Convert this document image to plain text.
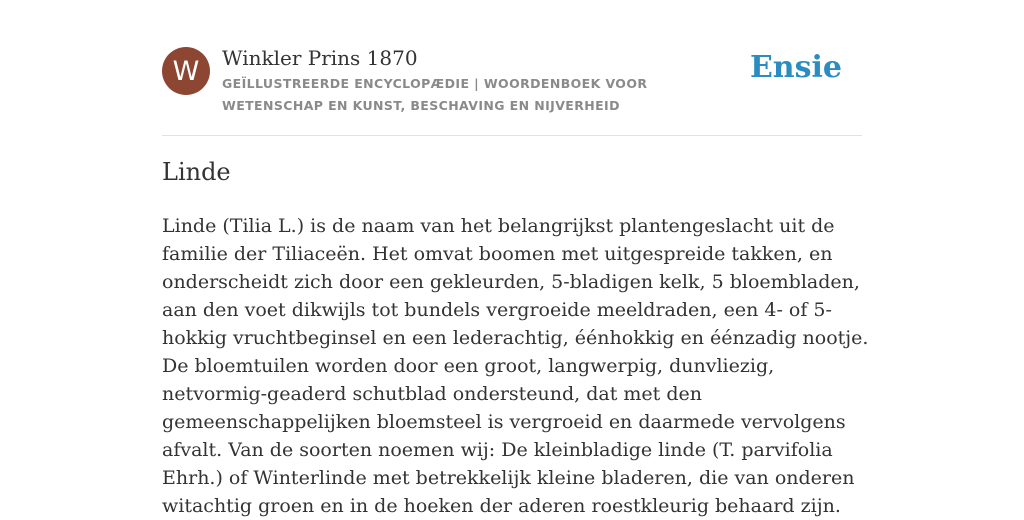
W	Winkler Prins 1870
GEÏLLUSTREERDE ENCYCLOPÆDIE | WOORDENBOEK VOOR WETENSCHAP EN KUNST, BESCHAVING EN NIJVERHEID
Ensie
Linde

Linde (Tilia L.) is de naam van het belangrijkst plantengeslacht uit de familie der Tiliaceën. Het omvat boomen met uitgespreide takken, en onderscheidt zich door een gekleurden, 5-bladigen kelk, 5 bloembladen, aan den voet dikwijls tot bundels vergroeide meeldraden, een 4- of 5-hokkig vruchtbeginsel en een lederachtig, éénhokkig en éénzadig nootje. De bloemtuilen worden door een groot, langwerpig, dunvliezig, netvormig-geaderd schutblad ondersteund, dat met den gemeenschappelijken bloemsteel is vergroeid en daarmede vervolgens afvalt. Van de soorten noemen wij: De kleinbladige linde (T. parvifolia Ehrh.) of Winterlinde met betrekkelijk kleine bladeren, die van onderen witachtig groen en in de hoeken der aderen roestkleurig behaard zijn.
